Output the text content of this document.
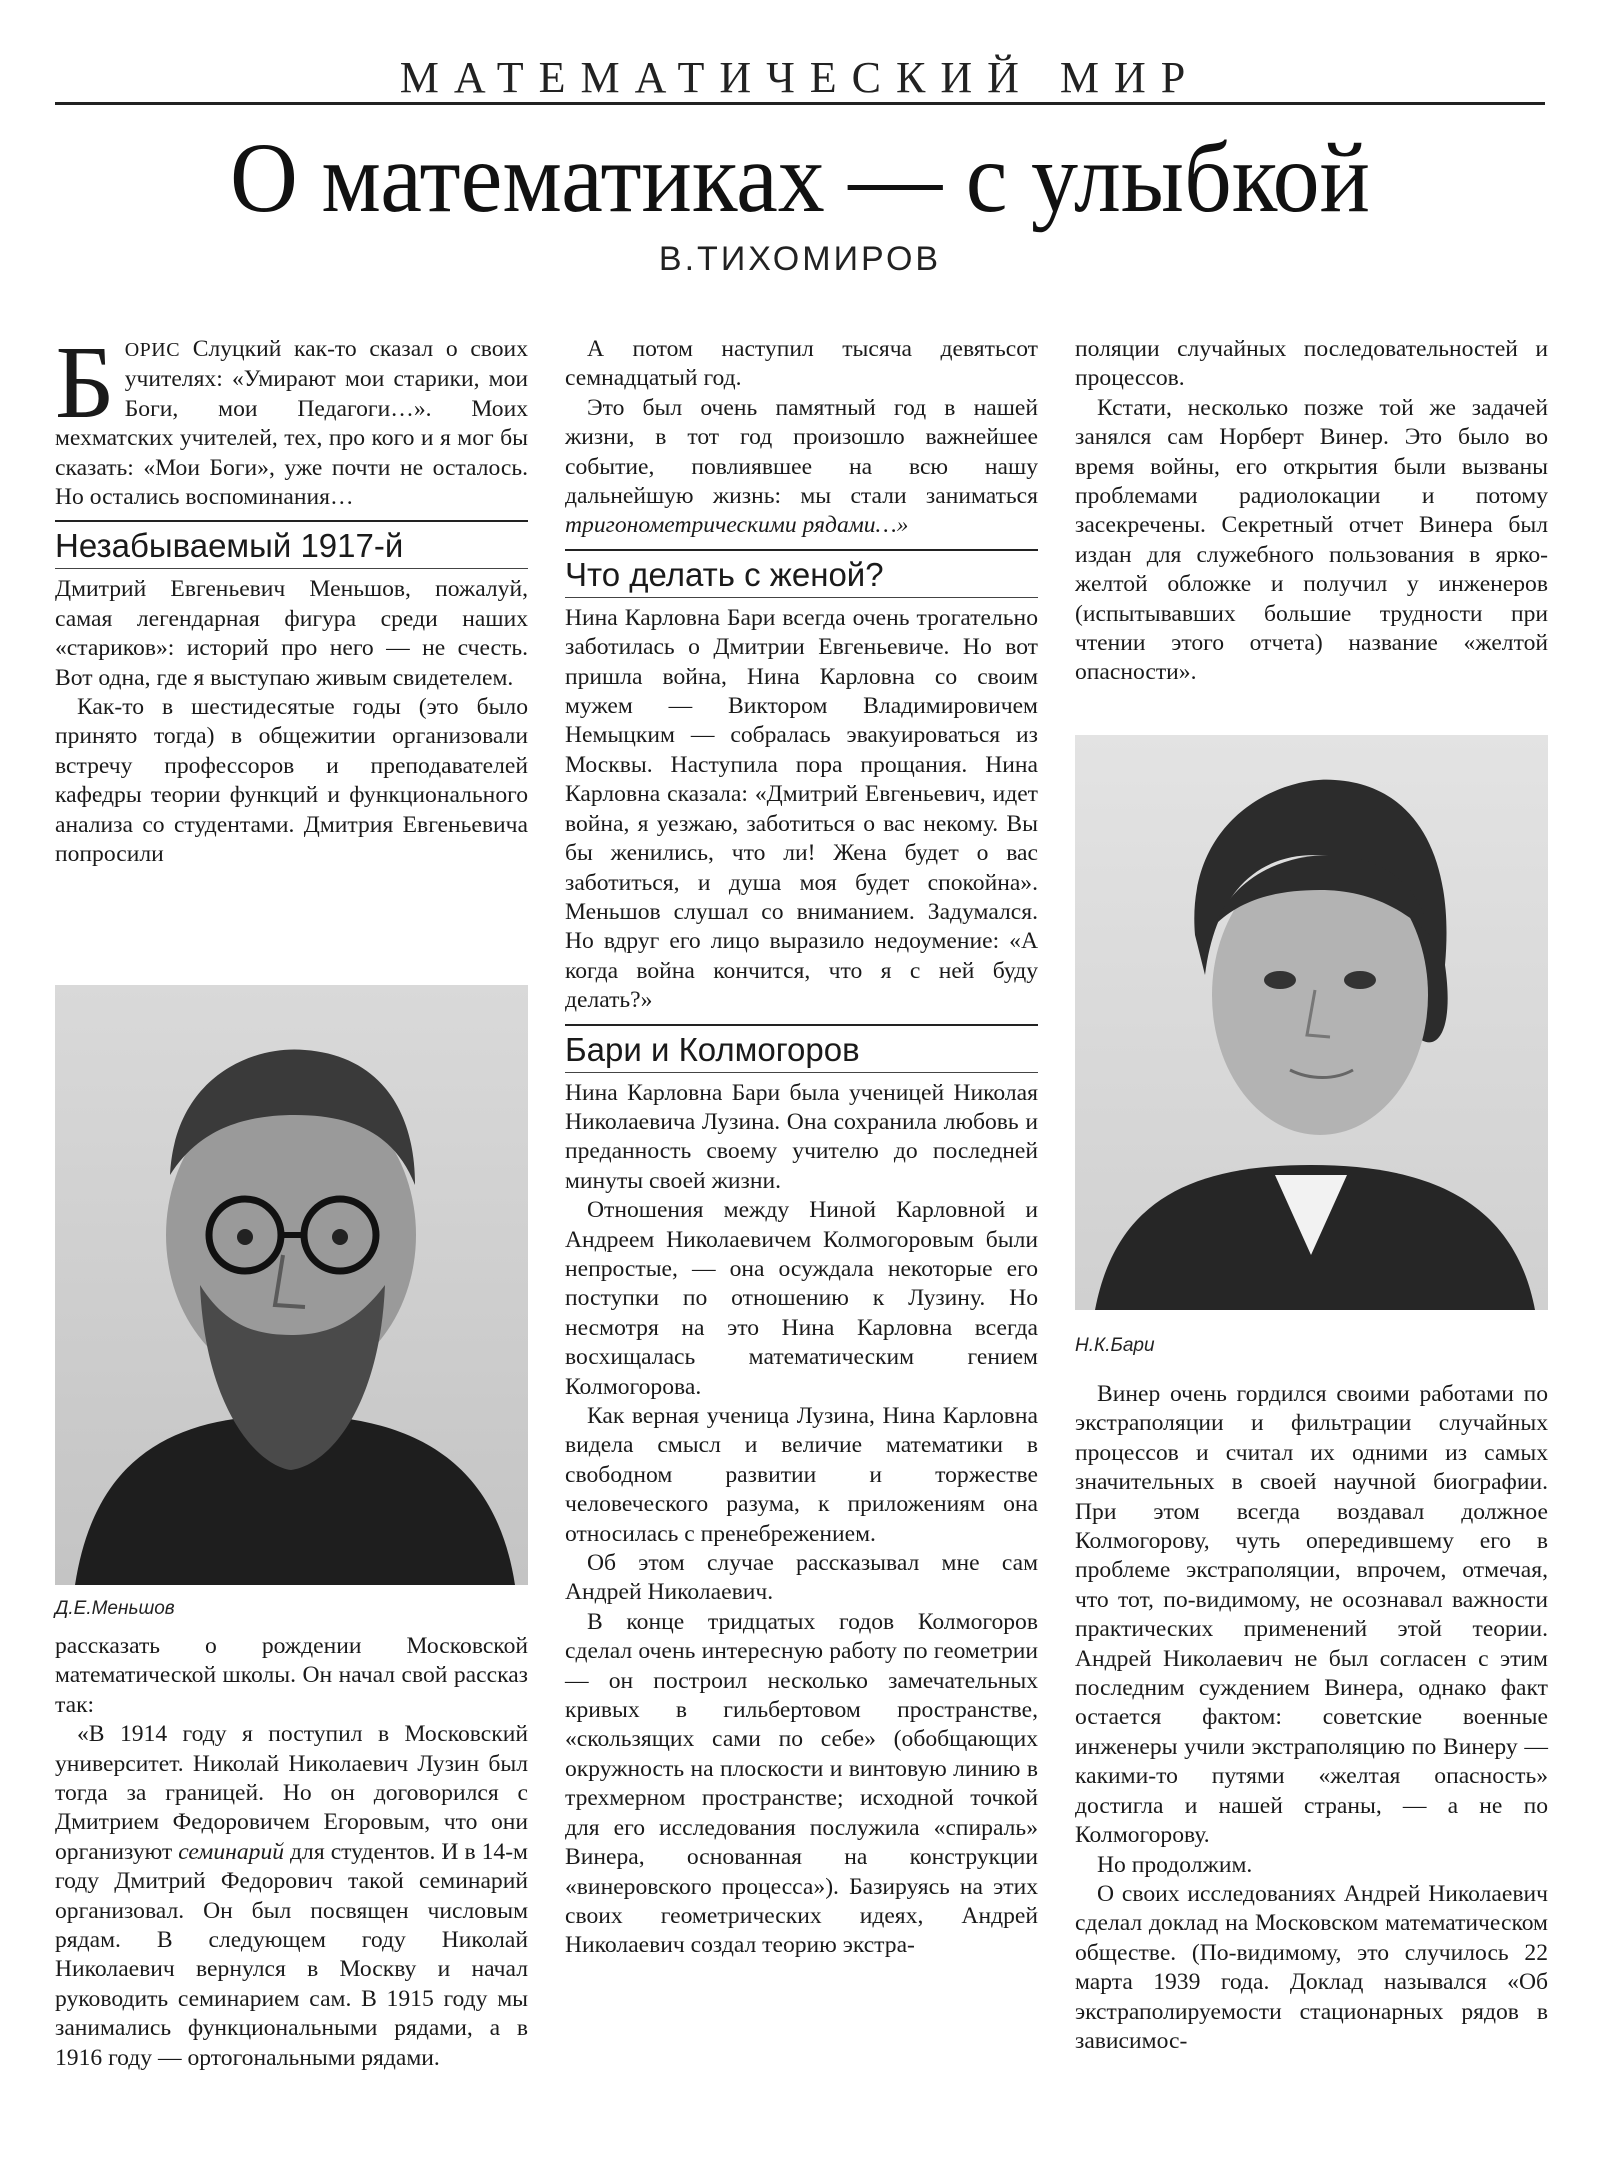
МАТЕМАТИЧЕСКИЙ МИР
О математиках — с улыбкой
В.ТИХОМИРОВ

БОРИС Слуцкий как-то сказал о своих учителях: «Умирают мои старики, мои Боги, мои Педагоги…». Моих мехматских учителей, тех, про кого и я мог бы сказать: «Мои Боги», уже почти не осталось. Но остались воспоминания…

Незабываемый 1917-й

Дмитрий Евгеньевич Меньшов, пожалуй, самая легендарная фигура среди наших «стариков»: историй про него — не счесть. Вот одна, где я выступаю живым свидетелем.

Как-то в шестидесятые годы (это было принято тогда) в общежитии организовали встречу профессоров и преподавателей кафедры теории функций и функционального анализа со студентами. Дмитрия Евгеньевича попросили

Д.Е.Меньшов

рассказать о рождении Московской математической школы. Он начал свой рассказ так:

«В 1914 году я поступил в Московский университет. Николай Николаевич Лузин был тогда за границей. Но он договорился с Дмитрием Федоровичем Егоровым, что они организуют семинарий для студентов. И в 14-м году Дмитрий Федорович такой семинарий организовал. Он был посвящен числовым рядам. В следующем году Николай Николаевич вернулся в Москву и начал руководить семинарием сам. В 1915 году мы занимались функциональными рядами, а в 1916 году — ортогональными рядами.

А потом наступил тысяча девятьсот семнадцатый год.

Это был очень памятный год в нашей жизни, в тот год произошло важнейшее событие, повлиявшее на всю нашу дальнейшую жизнь: мы стали заниматься тригонометрическими рядами…»

Что делать с женой?

Нина Карловна Бари всегда очень трогательно заботилась о Дмитрии Евгеньевиче. Но вот пришла война, Нина Карловна со своим мужем — Виктором Владимировичем Немыцким — собралась эвакуироваться из Москвы. Наступила пора прощания. Нина Карловна сказала: «Дмитрий Евгеньевич, идет война, я уезжаю, заботиться о вас некому. Вы бы женились, что ли! Жена будет о вас заботиться, и душа моя будет спокойна». Меньшов слушал со вниманием. Задумался. Но вдруг его лицо выразило недоумение: «А когда война кончится, что я с ней буду делать?»

Бари и Колмогоров

Нина Карловна Бари была ученицей Николая Николаевича Лузина. Она сохранила любовь и преданность своему учителю до последней минуты своей жизни.

Отношения между Ниной Карловной и Андреем Николаевичем Колмогоровым были непростые, — она осуждала некоторые его поступки по отношению к Лузину. Но несмотря на это Нина Карловна всегда восхищалась математическим гением Колмогорова.

Как верная ученица Лузина, Нина Карловна видела смысл и величие математики в свободном развитии и торжестве человеческого разума, к приложениям она относилась с пренебрежением.

Об этом случае рассказывал мне сам Андрей Николаевич.

В конце тридцатых годов Колмогоров сделал очень интересную работу по геометрии — он построил несколько замечательных кривых в гильбертовом пространстве, «скользящих сами по себе» (обобщающих окружность на плоскости и винтовую линию в трехмерном пространстве; исходной точкой для его исследования послужила «спираль» Винера, основанная на конструкции «винеровского процесса»). Базируясь на этих своих геометрических идеях, Андрей Николаевич создал теорию экстра-

поляции случайных последовательностей и процессов.

Кстати, несколько позже той же задачей занялся сам Норберт Винер. Это было во время войны, его открытия были вызваны проблемами радиолокации и потому засекречены. Секретный отчет Винера был издан для служебного пользования в ярко-желтой обложке и получил у инженеров (испытывавших большие трудности при чтении этого отчета) название «желтой опасности».

Н.К.Бари

Винер очень гордился своими работами по экстраполяции и фильтрации случайных процессов и считал их одними из самых значительных в своей научной биографии. При этом всегда воздавал должное Колмогорову, чуть опередившему его в проблеме экстраполяции, впрочем, отмечая, что тот, по-видимому, не осознавал важности практических применений этой теории. Андрей Николаевич не был согласен с этим последним суждением Винера, однако факт остается фактом: советские военные инженеры учили экстраполяцию по Винеру — какими-то путями «желтая опасность» достигла и нашей страны, — а не по Колмогорову.

Но продолжим.

О своих исследованиях Андрей Николаевич сделал доклад на Московском математическом обществе. (По-видимому, это случилось 22 марта 1939 года. Доклад назывался «Об экстраполируемости стационарных рядов в зависимос-
